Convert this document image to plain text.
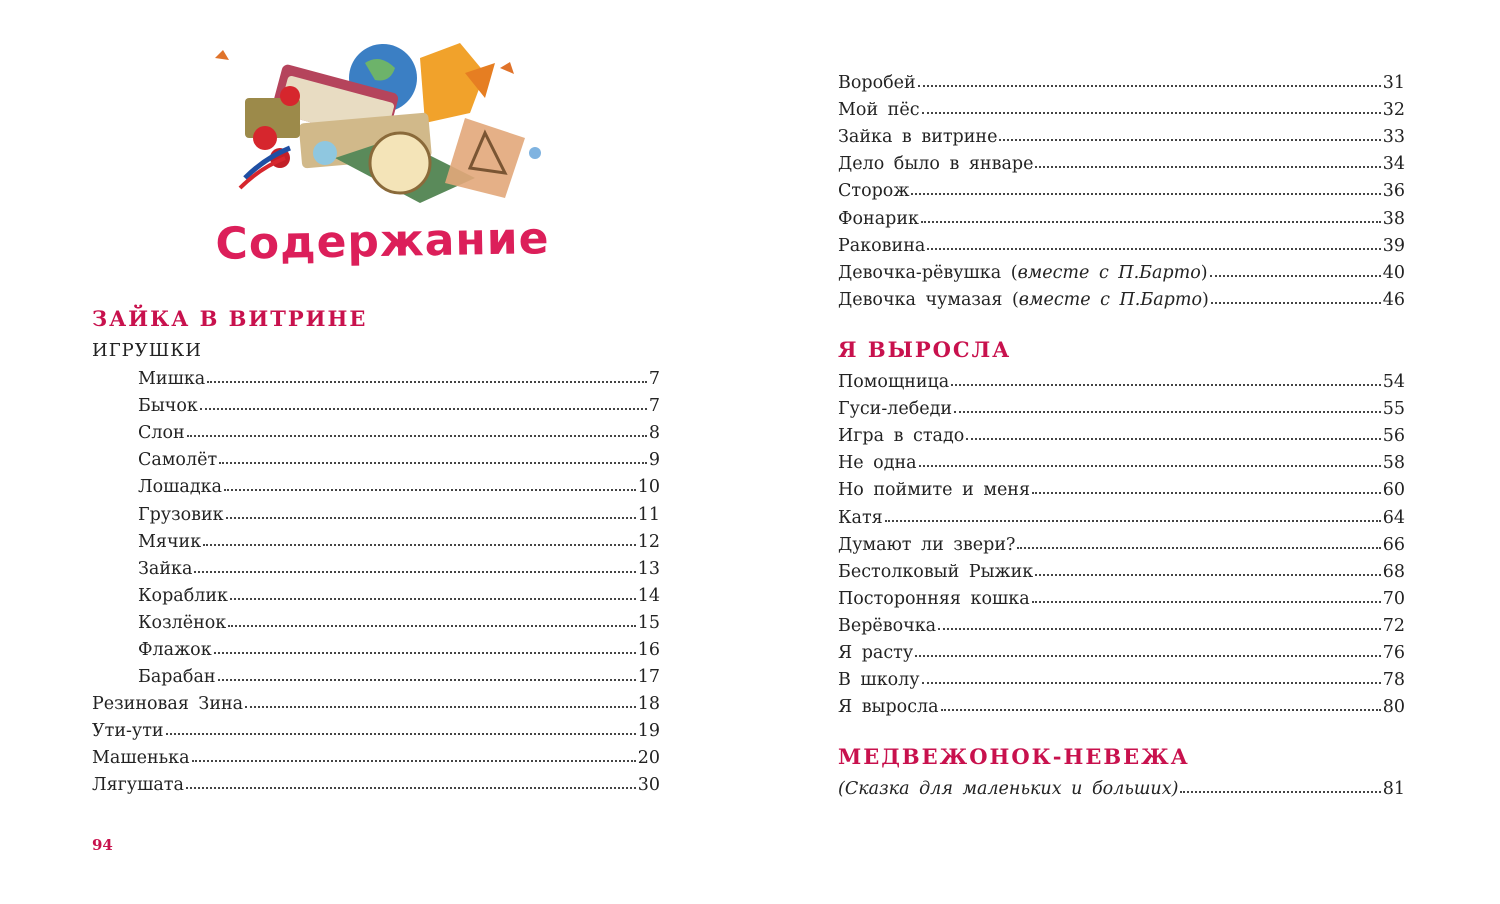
Содержание
ЗАЙКА В ВИТРИНЕ
ИГРУШКИ
Мишка	7
Бычок	7
Слон	8
Самолёт	9
Лошадка	10
Грузовик	11
Мячик	12
Зайка	13
Кораблик	14
Козлёнок	15
Флажок	16
Барабан	17
Резиновая Зина	18
Ути-ути	19
Машенька	20
Лягушата	30
94
Воробей	31
Мой пёс	32
Зайка в витрине	33
Дело было в январе	34
Сторож	36
Фонарик	38
Раковина	39
Девочка-рёвушка (вместе с П.Барто)	40
Девочка чумазая (вместе с П.Барто)	46
Я ВЫРОСЛА
Помощница	54
Гуси-лебеди	55
Игра в стадо	56
Не одна	58
Но поймите и меня	60
Катя	64
Думают ли звери?	66
Бестолковый Рыжик	68
Посторонняя кошка	70
Верёвочка	72
Я расту	76
В школу	78
Я выросла	80
МЕДВЕЖОНОК-НЕВЕЖА
(Сказка для маленьких и больших)	81
